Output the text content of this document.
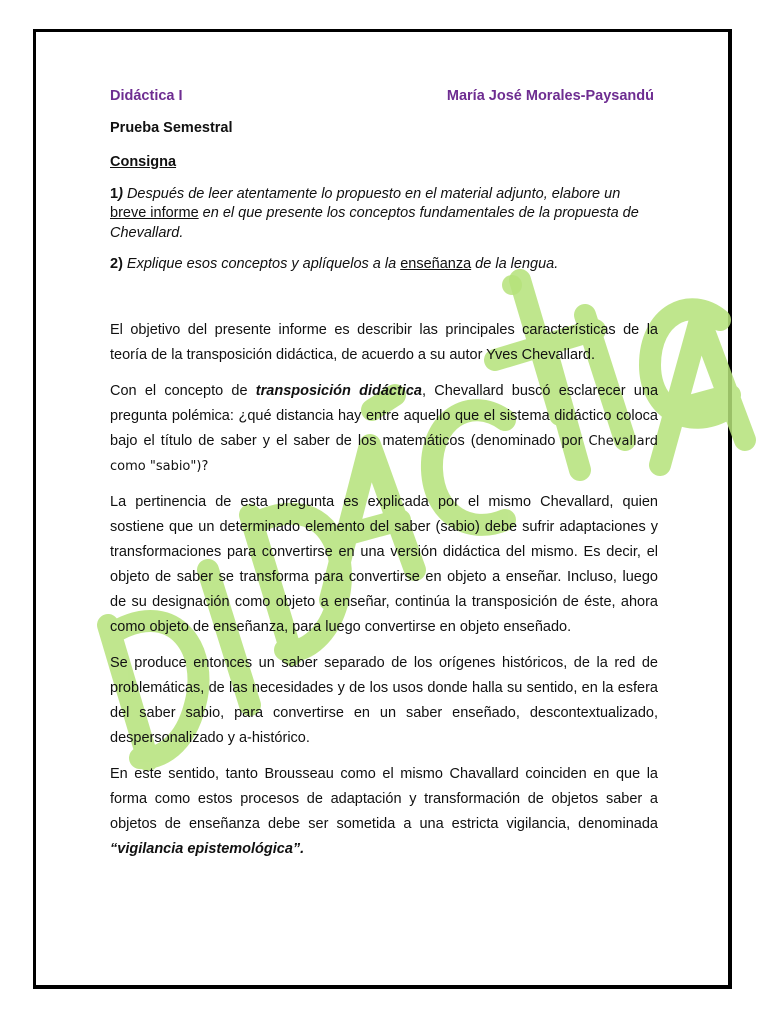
Didáctica I	María José Morales-Paysandú

Prueba Semestral

Consigna

1) Después de leer atentamente lo propuesto en el material adjunto, elabore un breve informe en el que presente los conceptos fundamentales de la propuesta de Chevallard.

2) Explique esos conceptos y aplíquelos a la enseñanza de la lengua.

El objetivo del presente informe es describir las principales características de la teoría de la transposición didáctica, de acuerdo a su autor Yves Chevallard.

Con el concepto de transposición didáctica, Chevallard buscó esclarecer una pregunta polémica: ¿qué distancia hay entre aquello que el sistema didáctico coloca bajo el título de saber y el saber de los matemáticos (denominado por Chevallard como "sabio")?

La pertinencia de esta pregunta es explicada por el mismo Chevallard, quien sostiene que un determinado elemento del saber (sabio) debe sufrir adaptaciones y transformaciones para convertirse en una versión didáctica del mismo. Es decir, el objeto de saber se transforma para convertirse en objeto a enseñar. Incluso, luego de su designación como objeto a enseñar, continúa la transposición de éste, ahora como objeto de enseñanza, para luego convertirse en objeto enseñado.

Se produce entonces un saber separado de los orígenes históricos, de la red de problemáticas, de las necesidades y de los usos donde halla su sentido, en la esfera del saber sabio, para convertirse en un saber enseñado, descontextualizado, despersonalizado y a-histórico.

En este sentido, tanto Brousseau como el mismo Chavallard coinciden en que la forma como estos procesos de adaptación y transformación de objetos saber a objetos de enseñanza debe ser sometida a una estricta vigilancia, denominada “vigilancia epistemológica”.
